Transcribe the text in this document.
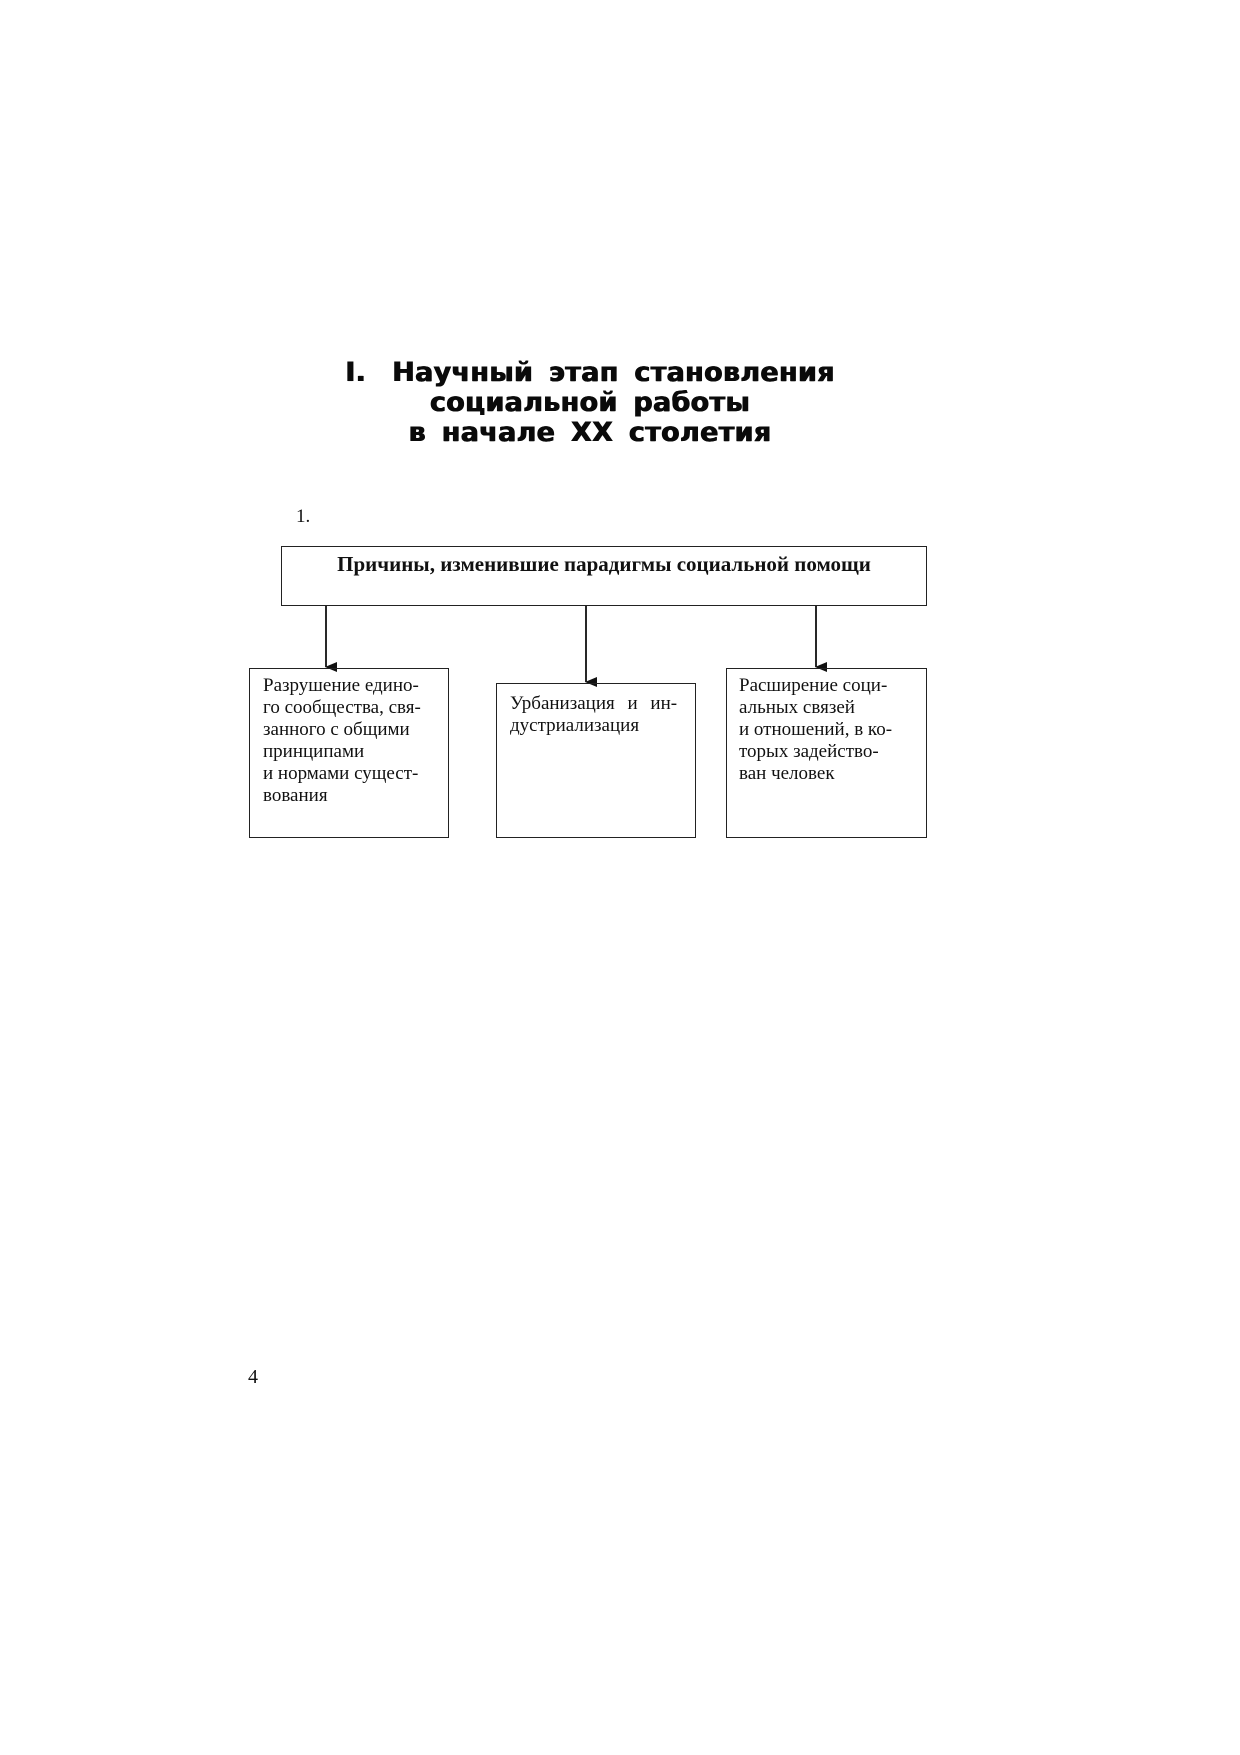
I. Научный этап становления
социальной работы
в начале XX столетия
1.
Причины, изменившие парадигмы социальной помощи
Разрушение едино-
го сообщества, свя-
занного с общими
принципами
и нормами сущест-
вования
Урбанизация и ин-
дустриализация
Расширение соци-
альных связей
и отношений, в ко-
торых задейство-
ван человек
4
